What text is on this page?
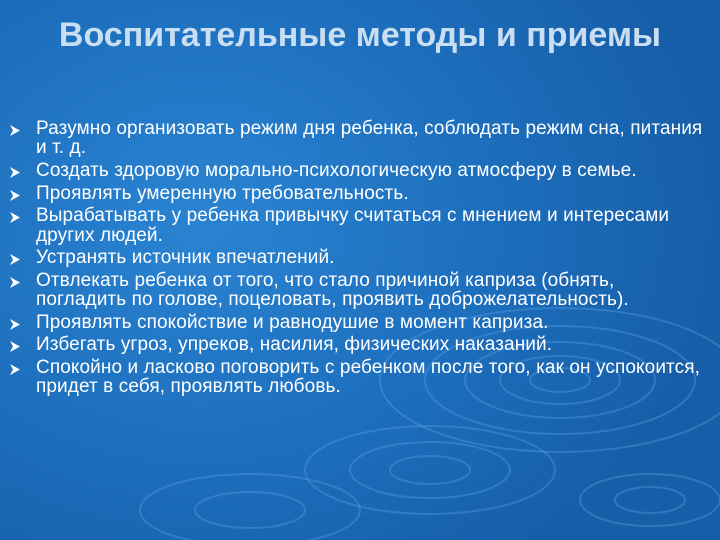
Воспитательные методы и приемы
Разумно организовать режим дня ребенка, соблюдать режим сна, питания и т. д.
Создать здоровую морально-психологическую атмосферу в семье.
Проявлять умеренную требовательность.
Вырабатывать у ребенка привычку считаться с мнением и интересами других людей.
Устранять источник впечатлений.
Отвлекать ребенка от того, что стало причиной каприза (обнять, погладить по голове, поцеловать, проявить доброжелательность).
Проявлять спокойствие и равнодушие в момент каприза.
Избегать угроз, упреков, насилия, физических наказаний.
Спокойно и ласково поговорить с ребенком после того, как он успокоится, придет в себя, проявлять любовь.
